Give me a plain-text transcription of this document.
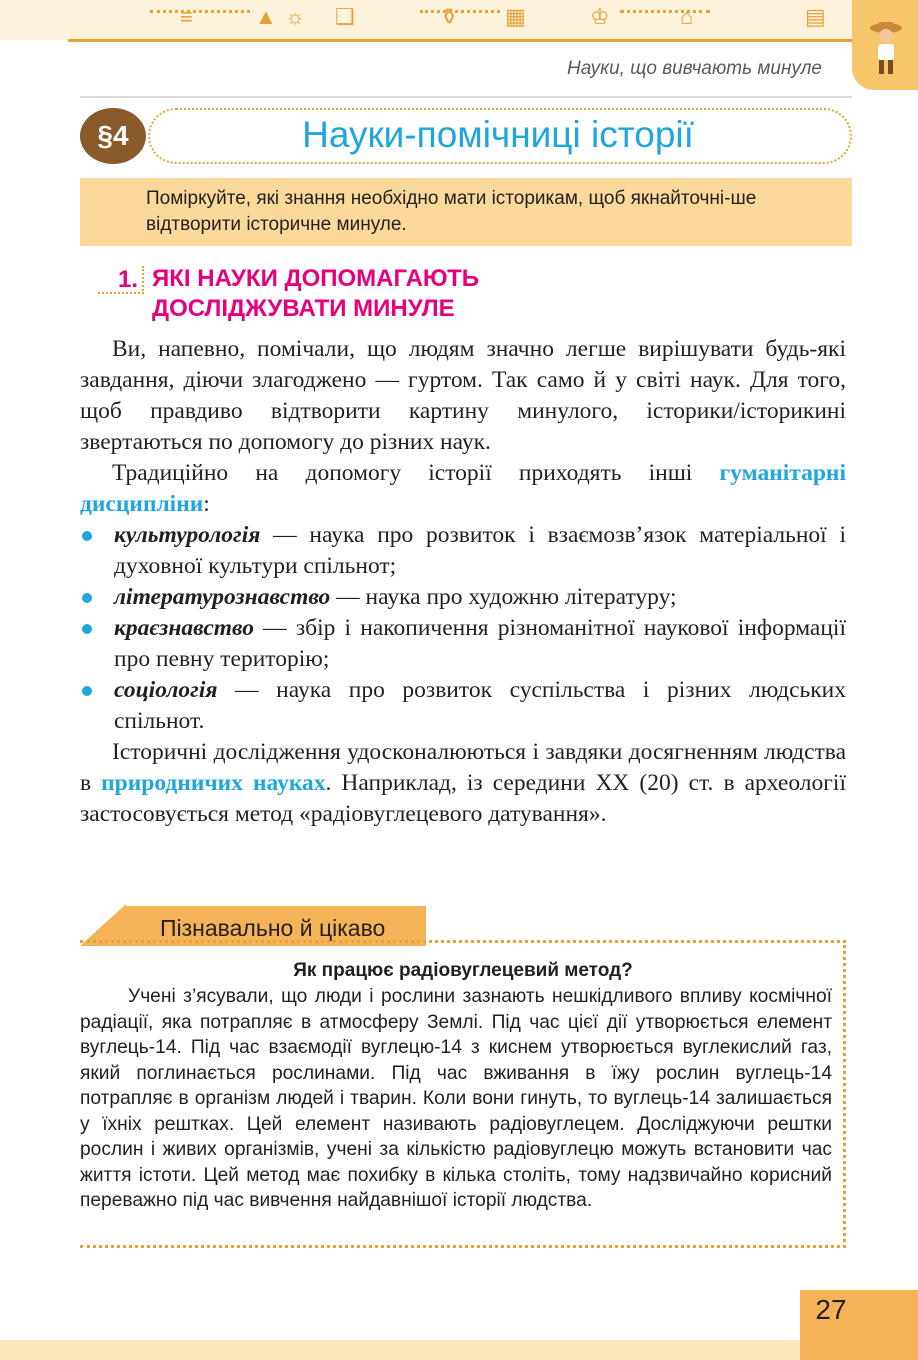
≡	▲ ☼ ❑	⚱ ▦	♔	⌂	▤
Науки, що вивчають минуле
§4	Науки-помічниці історії
Поміркуйте, які знання необхідно мати історикам, щоб якнайточні-ше відтворити історичне минуле.
1. ЯКІ НАУКИ ДОПОМАГАЮТЬ
ДОСЛІДЖУВАТИ МИНУЛЕ

Ви, напевно, помічали, що людям значно легше вирішувати будь-які завдання, діючи злагоджено — гуртом. Так само й у світі наук. Для того, щоб правдиво відтворити картину минулого, історики/історикині звертаються по допомогу до різних наук.

Традиційно на допомогу історії приходять інші гуманітарні дисципліни:

культурологія — наука про розвиток і взаємозв’язок матеріальної і духовної культури спільнот;
літературознавство — наука про художню літературу;
краєзнавство — збір і накопичення різноманітної наукової інформації про певну територію;
соціологія — наука про розвиток суспільства і різних людських спільнот.

Історичні дослідження удосконалюються і завдяки досягненням людства в природничих науках. Наприклад, із середини XX (20) ст. в археології застосовується метод «радіовуглецевого датування».

Пізнавально й цікаво
Як працює радіовуглецевий метод?

Учені з’ясували, що люди і рослини зазнають нешкідливого впливу космічної радіації, яка потрапляє в атмосферу Землі. Під час цієї дії утворюється елемент вуглець-14. Під час взаємодії вуглецю-14 з киснем утворюється вуглекислий газ, який поглинається рослинами. Під час вживання в їжу рослин вуглець-14 потрапляє в організм людей і тварин. Коли вони гинуть, то вуглець-14 залишається у їхніх рештках. Цей елемент називають радіовуглецем. Досліджуючи рештки рослин і живих організмів, учені за кількістю радіовуглецю можуть встановити час життя істоти. Цей метод має похибку в кілька століть, тому надзвичайно корисний переважно під час вивчення найдавнішої історії людства.

27
